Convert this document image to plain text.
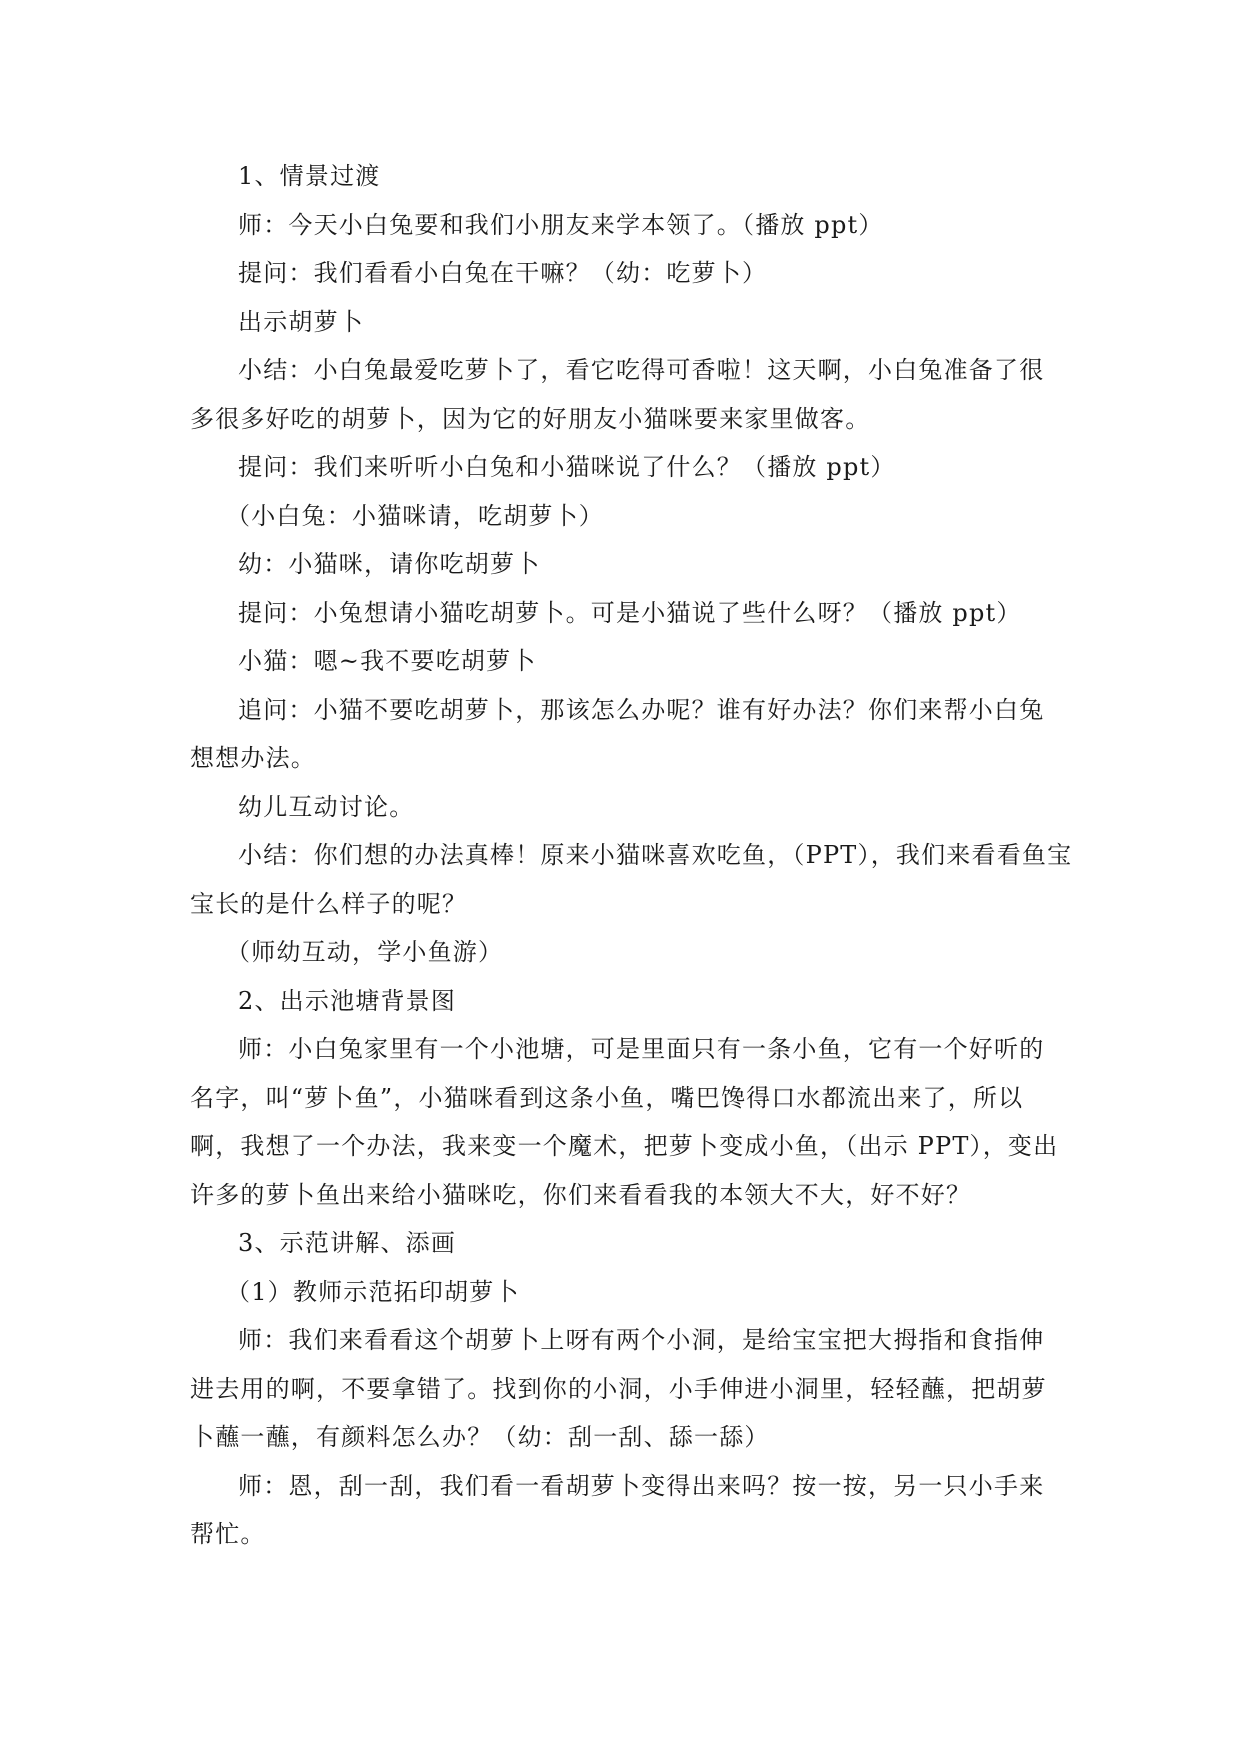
1、情景过渡
师：今天小白兔要和我们小朋友来学本领了。（播放 ppt）
提问：我们看看小白兔在干嘛？（幼：吃萝卜）
出示胡萝卜
小结：小白兔最爱吃萝卜了，看它吃得可香啦！这天啊，小白兔准备了很
多很多好吃的胡萝卜，因为它的好朋友小猫咪要来家里做客。
提问：我们来听听小白兔和小猫咪说了什么？（播放 ppt）
（小白兔：小猫咪请，吃胡萝卜）
幼：小猫咪，请你吃胡萝卜
提问：小兔想请小猫吃胡萝卜。可是小猫说了些什么呀？（播放 ppt）
小猫：嗯~我不要吃胡萝卜
追问：小猫不要吃胡萝卜，那该怎么办呢？谁有好办法？你们来帮小白兔
想想办法。
幼儿互动讨论。
小结：你们想的办法真棒！原来小猫咪喜欢吃鱼，（PPT），我们来看看鱼宝
宝长的是什么样子的呢？
（师幼互动，学小鱼游）
2、出示池塘背景图
师：小白兔家里有一个小池塘，可是里面只有一条小鱼，它有一个好听的
名字，叫“萝卜鱼”，小猫咪看到这条小鱼，嘴巴馋得口水都流出来了，所以
啊，我想了一个办法，我来变一个魔术，把萝卜变成小鱼，（出示 PPT），变出
许多的萝卜鱼出来给小猫咪吃，你们来看看我的本领大不大，好不好？
3、示范讲解、添画
（1）教师示范拓印胡萝卜
师：我们来看看这个胡萝卜上呀有两个小洞，是给宝宝把大拇指和食指伸
进去用的啊，不要拿错了。找到你的小洞，小手伸进小洞里，轻轻蘸，把胡萝
卜蘸一蘸，有颜料怎么办？（幼：刮一刮、舔一舔）
师：恩，刮一刮，我们看一看胡萝卜变得出来吗？按一按，另一只小手来
帮忙。
